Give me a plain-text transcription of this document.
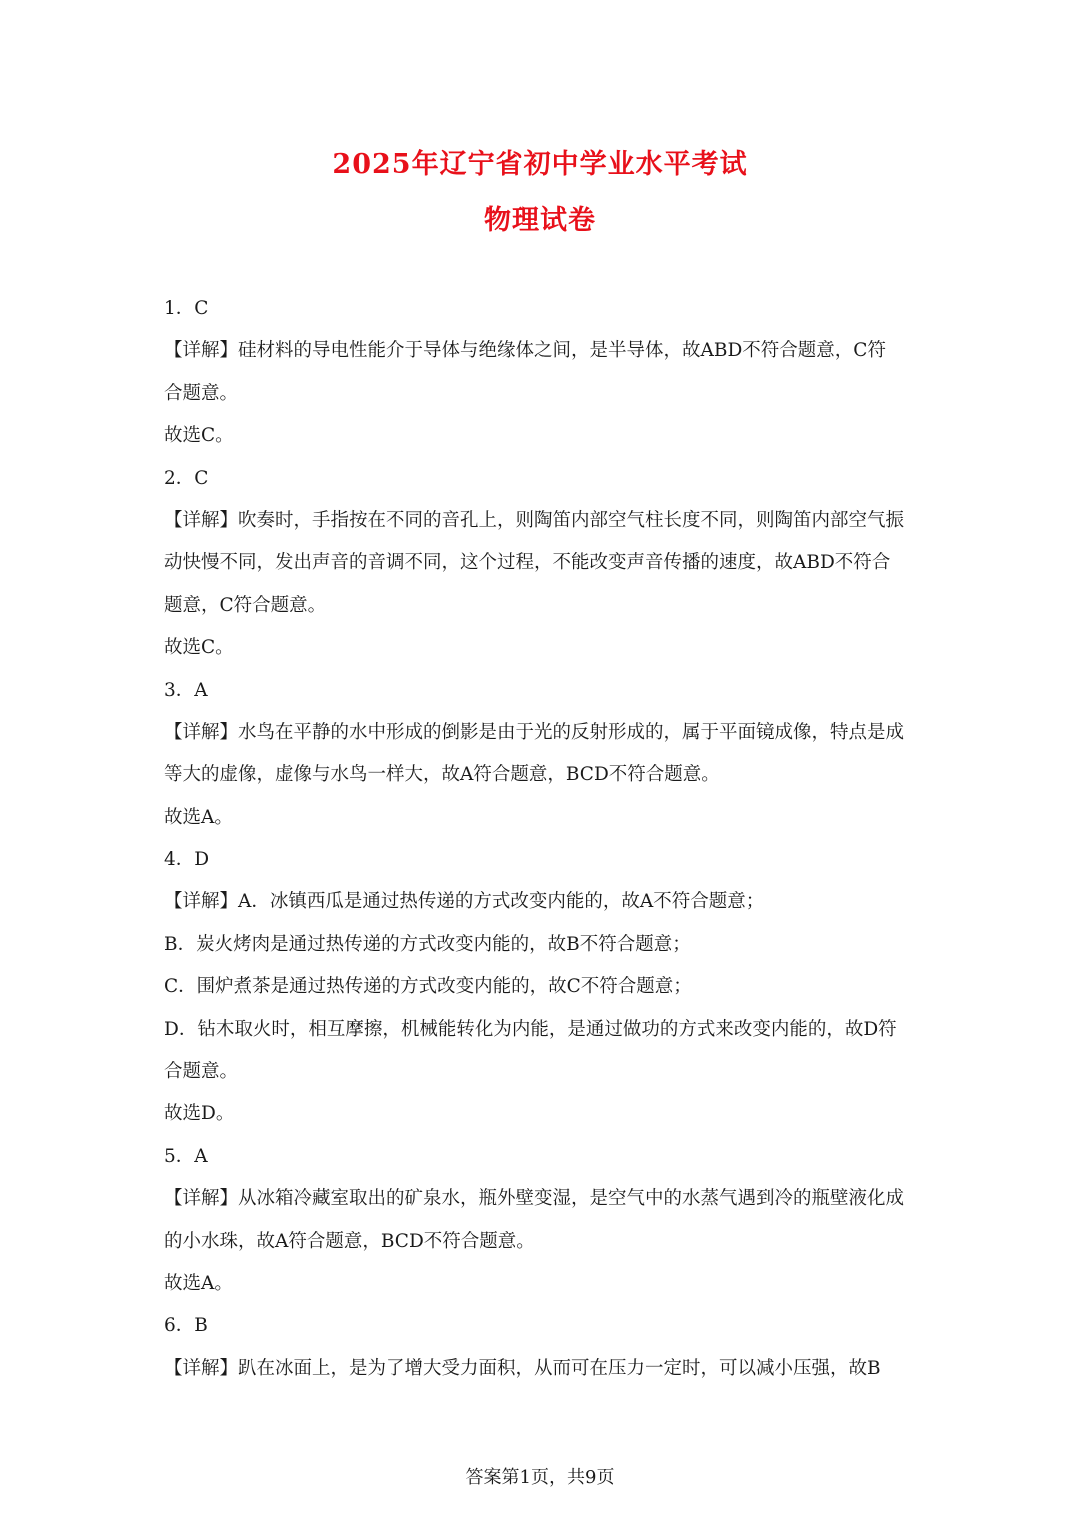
2025年辽宁省初中学业水平考试
物理试卷
1．C
【详解】硅材料的导电性能介于导体与绝缘体之间，是半导体，故ABD不符合题意，C符
合题意。
故选C。
2．C
【详解】吹奏时，手指按在不同的音孔上，则陶笛内部空气柱长度不同，则陶笛内部空气振
动快慢不同，发出声音的音调不同，这个过程，不能改变声音传播的速度，故ABD不符合
题意，C符合题意。
故选C。
3．A
【详解】水鸟在平静的水中形成的倒影是由于光的反射形成的，属于平面镜成像，特点是成
等大的虚像，虚像与水鸟一样大，故A符合题意，BCD不符合题意。
故选A。
4．D
【详解】A．冰镇西瓜是通过热传递的方式改变内能的，故A不符合题意；
B．炭火烤肉是通过热传递的方式改变内能的，故B不符合题意；
C．围炉煮茶是通过热传递的方式改变内能的，故C不符合题意；
D．钻木取火时，相互摩擦，机械能转化为内能，是通过做功的方式来改变内能的，故D符
合题意。
故选D。
5．A
【详解】从冰箱冷藏室取出的矿泉水，瓶外壁变湿，是空气中的水蒸气遇到冷的瓶壁液化成
的小水珠，故A符合题意，BCD不符合题意。
故选A。
6．B
【详解】趴在冰面上，是为了增大受力面积，从而可在压力一定时，可以减小压强，故B
答案第1页，共9页
